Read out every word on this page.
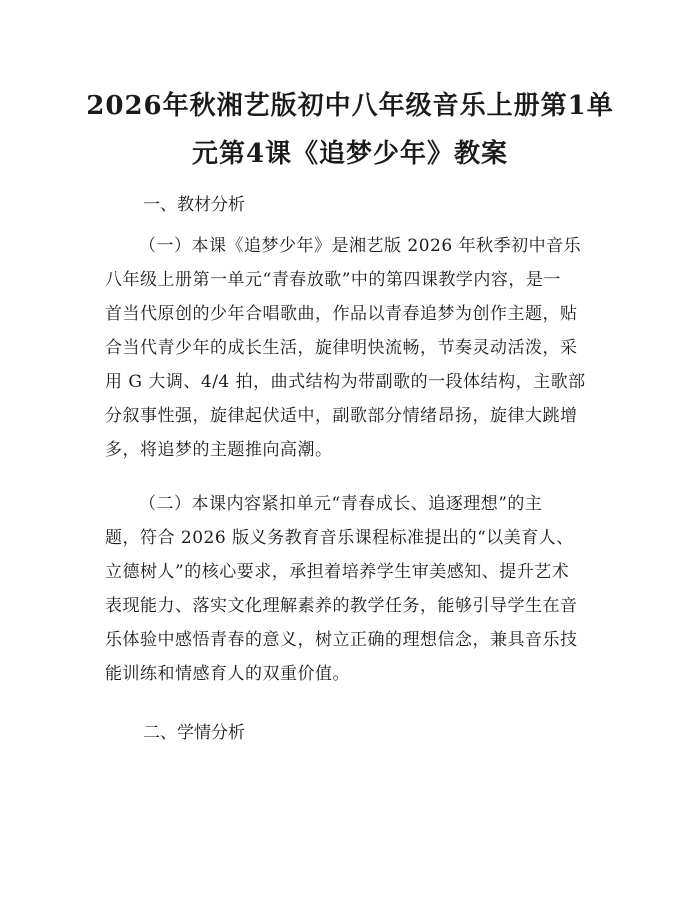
2026年秋湘艺版初中八年级音乐上册第1单
元第4课《追梦少年》教案
一、教材分析
（一）本课《追梦少年》是湘艺版 2026 年秋季初中音乐
八年级上册第一单元“青春放歌”中的第四课教学内容，是一
首当代原创的少年合唱歌曲，作品以青春追梦为创作主题，贴
合当代青少年的成长生活，旋律明快流畅，节奏灵动活泼，采
用 G 大调、4/4 拍，曲式结构为带副歌的一段体结构，主歌部
分叙事性强，旋律起伏适中，副歌部分情绪昂扬，旋律大跳增
多，将追梦的主题推向高潮。
（二）本课内容紧扣单元“青春成长、追逐理想”的主
题，符合 2026 版义务教育音乐课程标准提出的“以美育人、
立德树人”的核心要求，承担着培养学生审美感知、提升艺术
表现能力、落实文化理解素养的教学任务，能够引导学生在音
乐体验中感悟青春的意义，树立正确的理想信念，兼具音乐技
能训练和情感育人的双重价值。
二、学情分析
